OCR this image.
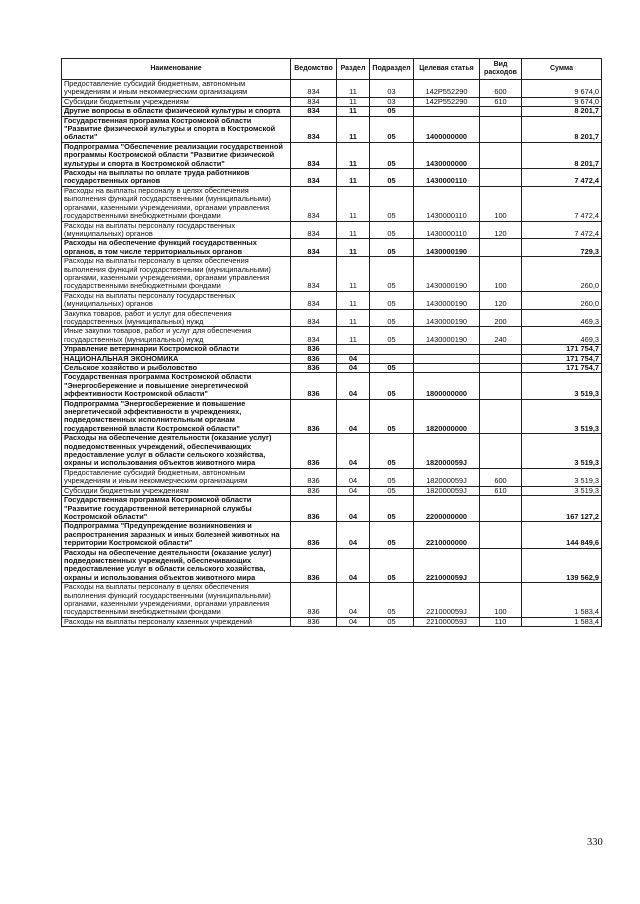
Наименование	Ведомство	Раздел	Подраздел	Целевая статья	Вид расходов	Сумма
Предоставление субсидий бюджетным, автономным учреждениям и иным некоммерческим организациям	834	11	03	142P552290	600	9 674,0
Субсидии бюджетным учреждениям	834	11	03	142P552290	610	9 674,0
Другие вопросы в области физической культуры и спорта	834	11	05			8 201,7
Государственная программа Костромской области "Развитие физической культуры и спорта в Костромской области"	834	11	05	1400000000		8 201,7
Подпрограмма "Обеспечение реализации государственной программы Костромской области "Развитие физической культуры и спорта в Костромской области"	834	11	05	1430000000		8 201,7
Расходы на выплаты по оплате труда работников государственных органов	834	11	05	1430000110		7 472,4
Расходы на выплаты персоналу в целях обеспечения выполнения функций государственными (муниципальными) органами, казенными учреждениями, органами управления государственными внебюджетными фондами	834	11	05	1430000110	100	7 472,4
Расходы на выплаты персоналу государственных (муниципальных) органов	834	11	05	1430000110	120	7 472,4
Расходы на обеспечение функций государственных органов, в том числе территориальных органов	834	11	05	1430000190		729,3
Расходы на выплаты персоналу в целях обеспечения выполнения функций государственными (муниципальными) органами, казенными учреждениями, органами управления государственными внебюджетными фондами	834	11	05	1430000190	100	260,0
Расходы на выплаты персоналу государственных (муниципальных) органов	834	11	05	1430000190	120	260,0
Закупка товаров, работ и услуг для обеспечения государственных (муниципальных) нужд	834	11	05	1430000190	200	469,3
Иные закупки товаров, работ и услуг для обеспечения государственных (муниципальных) нужд	834	11	05	1430000190	240	469,3
Управление ветеринарии Костромской области	836					171 754,7
НАЦИОНАЛЬНАЯ ЭКОНОМИКА	836	04				171 754,7
Сельское хозяйство и рыболовство	836	04	05			171 754,7
Государственная программа Костромской области "Энергосбережение и повышение энергетической эффективности Костромской области"	836	04	05	1800000000		3 519,3
Подпрограмма "Энергосбережение и повышение энергетической эффективности в учреждениях, подведомственных исполнительным органам государственной власти Костромской области"	836	04	05	1820000000		3 519,3
Расходы на обеспечение деятельности (оказание услуг) подведомственных учреждений, обеспечивающих предоставление услуг в области сельского хозяйства, охраны и использования объектов животного мира	836	04	05	182000059J		3 519,3
Предоставление субсидий бюджетным, автономным учреждениям и иным некоммерческим организациям	836	04	05	182000059J	600	3 519,3
Субсидии бюджетным учреждениям	836	04	05	182000059J	610	3 519,3
Государственная программа Костромской области "Развитие государственной ветеринарной службы Костромской области"	836	04	05	2200000000		167 127,2
Подпрограмма "Предупреждение возникновения и распространения заразных и иных болезней животных на территории Костромской области"	836	04	05	2210000000		144 849,6
Расходы на обеспечение деятельности (оказание услуг) подведомственных учреждений, обеспечивающих предоставление услуг в области сельского хозяйства, охраны и использования объектов животного мира	836	04	05	221000059J		139 562,9
Расходы на выплаты персоналу в целях обеспечения выполнения функций государственными (муниципальными) органами, казенными учреждениями, органами управления государственными внебюджетными фондами	836	04	05	221000059J	100	1 583,4
Расходы на выплаты персоналу казенных учреждений	836	04	05	221000059J	110	1 583,4
330
